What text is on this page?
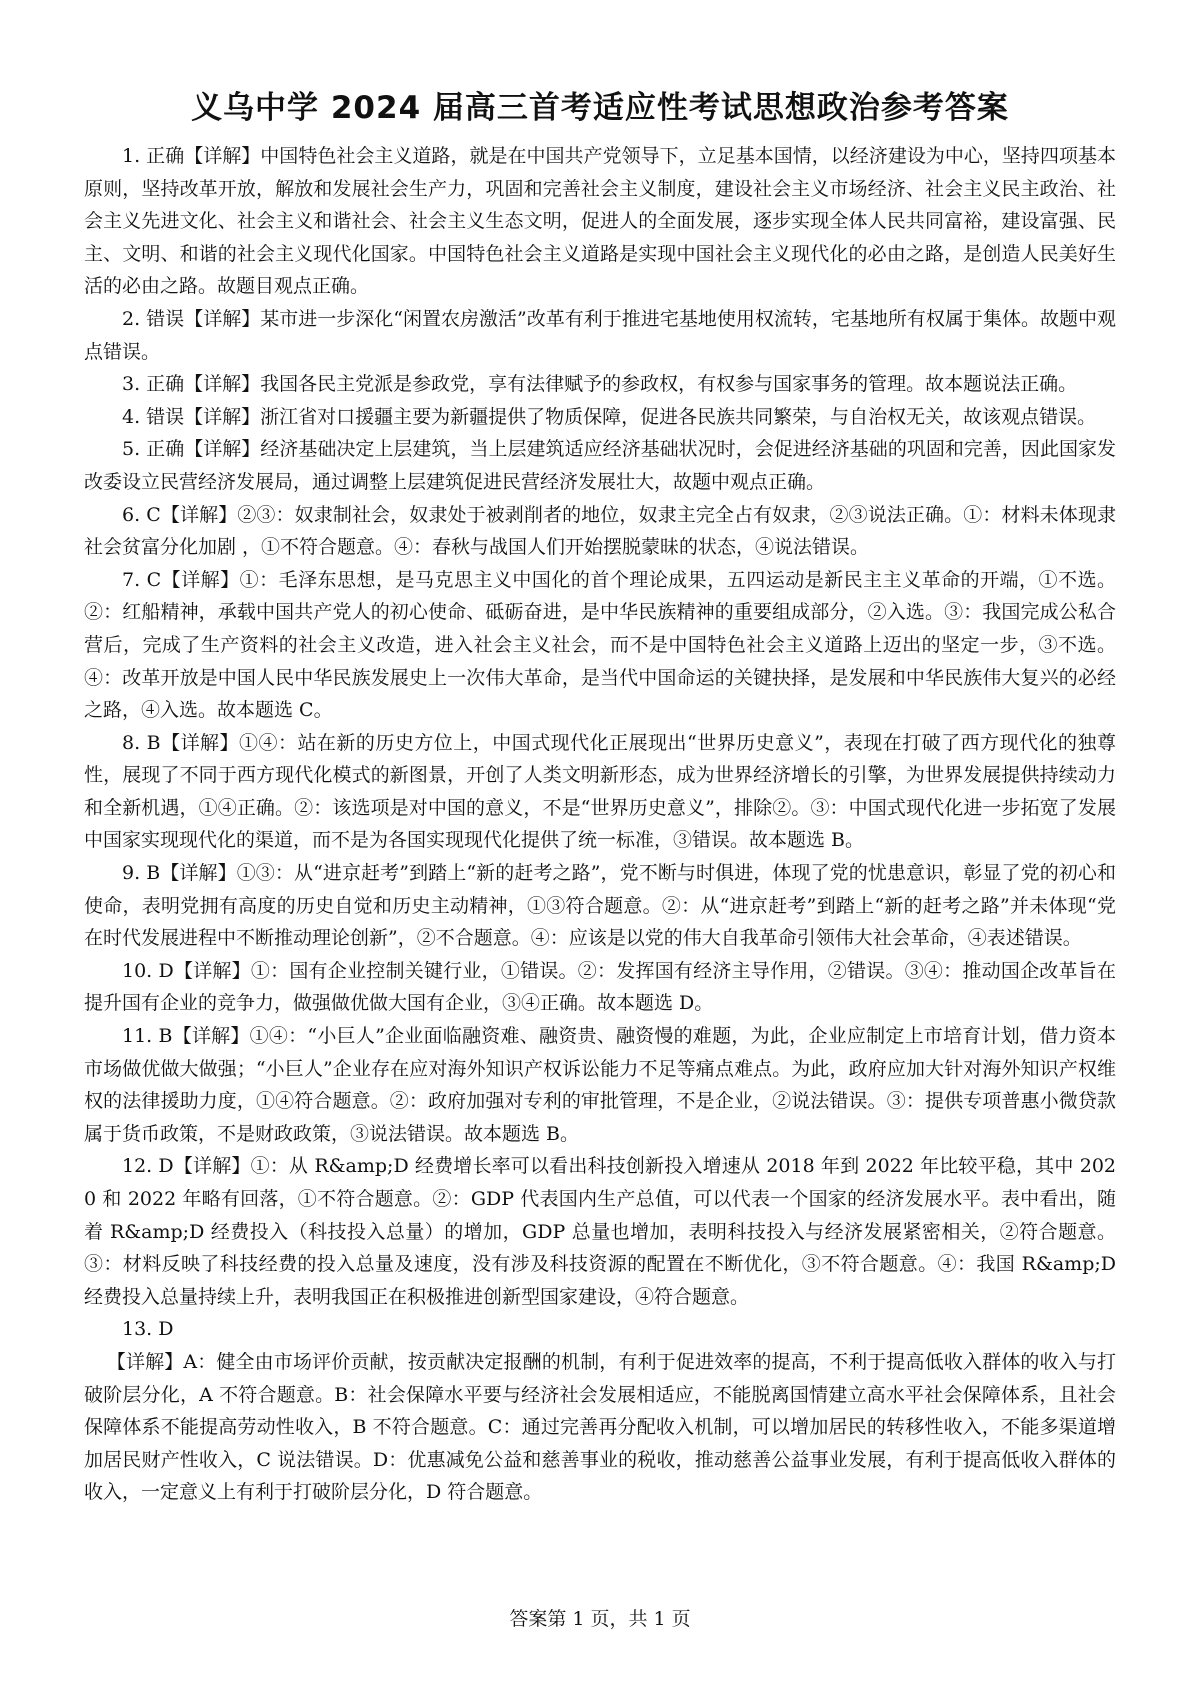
义乌中学 2024 届高三首考适应性考试思想政治参考答案

1. 正确【详解】中国特色社会主义道路，就是在中国共产党领导下，立足基本国情，以经济建设为中心，坚持四项基本原则，坚持改革开放，解放和发展社会生产力，巩固和完善社会主义制度，建设社会主义市场经济、社会主义民主政治、社会主义先进文化、社会主义和谐社会、社会主义生态文明，促进人的全面发展，逐步实现全体人民共同富裕，建设富强、民主、文明、和谐的社会主义现代化国家。中国特色社会主义道路是实现中国社会主义现代化的必由之路，是创造人民美好生活的必由之路。故题目观点正确。

2. 错误【详解】某市进一步深化“闲置农房激活”改革有利于推进宅基地使用权流转，宅基地所有权属于集体。故题中观点错误。

3. 正确【详解】我国各民主党派是参政党，享有法律赋予的参政权，有权参与国家事务的管理。故本题说法正确。

4. 错误【详解】浙江省对口援疆主要为新疆提供了物质保障，促进各民族共同繁荣，与自治权无关，故该观点错误。

5. 正确【详解】经济基础决定上层建筑，当上层建筑适应经济基础状况时，会促进经济基础的巩固和完善，因此国家发改委设立民营经济发展局，通过调整上层建筑促进民营经济发展壮大，故题中观点正确。

6. C【详解】②③：奴隶制社会，奴隶处于被剥削者的地位，奴隶主完全占有奴隶，②③说法正确。①：材料未体现隶社会贫富分化加剧 ，①不符合题意。④：春秋与战国人们开始摆脱蒙昧的状态，④说法错误。

7. C【详解】①：毛泽东思想，是马克思主义中国化的首个理论成果，五四运动是新民主主义革命的开端，①不选。②：红船精神，承载中国共产党人的初心使命、砥砺奋进，是中华民族精神的重要组成部分，②入选。③：我国完成公私合营后，完成了生产资料的社会主义改造，进入社会主义社会，而不是中国特色社会主义道路上迈出的坚定一步，③不选。④：改革开放是中国人民中华民族发展史上一次伟大革命，是当代中国命运的关键抉择，是发展和中华民族伟大复兴的必经之路，④入选。故本题选 C。

8. B【详解】①④：站在新的历史方位上，中国式现代化正展现出“世界历史意义”，表现在打破了西方现代化的独尊性，展现了不同于西方现代化模式的新图景，开创了人类文明新形态，成为世界经济增长的引擎，为世界发展提供持续动力和全新机遇，①④正确。②：该选项是对中国的意义，不是“世界历史意义”，排除②。③：中国式现代化进一步拓宽了发展中国家实现现代化的渠道，而不是为各国实现现代化提供了统一标准，③错误。故本题选 B。

9. B【详解】①③：从“进京赶考”到踏上“新的赶考之路”，党不断与时俱进，体现了党的忧患意识，彰显了党的初心和使命，表明党拥有高度的历史自觉和历史主动精神，①③符合题意。②：从“进京赶考”到踏上“新的赶考之路”并未体现“党在时代发展进程中不断推动理论创新”，②不合题意。④：应该是以党的伟大自我革命引领伟大社会革命，④表述错误。

10. D【详解】①：国有企业控制关键行业，①错误。②：发挥国有经济主导作用，②错误。③④：推动国企改革旨在提升国有企业的竞争力，做强做优做大国有企业，③④正确。故本题选 D。

11. B【详解】①④：“小巨人”企业面临融资难、融资贵、融资慢的难题，为此，企业应制定上市培育计划，借力资本市场做优做大做强；“小巨人”企业存在应对海外知识产权诉讼能力不足等痛点难点。为此，政府应加大针对海外知识产权维权的法律援助力度，①④符合题意。②：政府加强对专利的审批管理，不是企业，②说法错误。③：提供专项普惠小微贷款属于货币政策，不是财政政策，③说法错误。故本题选 B。

12. D【详解】①：从 R&amp;D 经费增长率可以看出科技创新投入增速从 2018 年到 2022 年比较平稳，其中 2020 和 2022 年略有回落，①不符合题意。②：GDP 代表国内生产总值，可以代表一个国家的经济发展水平。表中看出，随着 R&amp;D 经费投入（科技投入总量）的增加，GDP 总量也增加，表明科技投入与经济发展紧密相关，②符合题意。③：材料反映了科技经费的投入总量及速度，没有涉及科技资源的配置在不断优化，③不符合题意。④：我国 R&amp;D 经费投入总量持续上升，表明我国正在积极推进创新型国家建设，④符合题意。

13. D

【详解】A：健全由市场评价贡献，按贡献决定报酬的机制，有利于促进效率的提高，不利于提高低收入群体的收入与打破阶层分化，A 不符合题意。B：社会保障水平要与经济社会发展相适应，不能脱离国情建立高水平社会保障体系，且社会保障体系不能提高劳动性收入，B 不符合题意。C：通过完善再分配收入机制，可以增加居民的转移性收入，不能多渠道增加居民财产性收入，C 说法错误。D：优惠减免公益和慈善事业的税收，推动慈善公益事业发展，有利于提高低收入群体的收入，一定意义上有利于打破阶层分化，D 符合题意。

答案第 1 页，共 1 页
